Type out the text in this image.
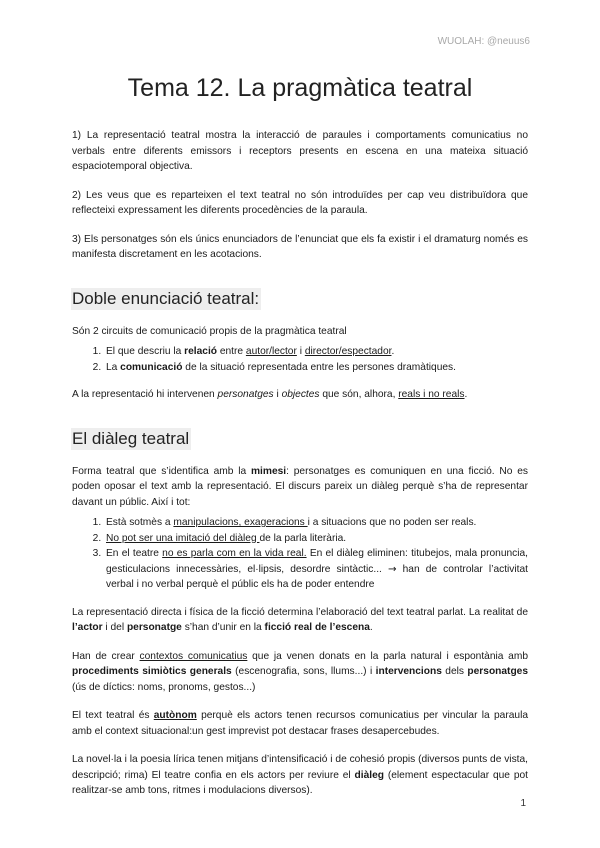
WUOLAH: @neuus6
Tema 12. La pragmàtica teatral

1) La representació teatral mostra la interacció de paraules i comportaments comunicatius no verbals entre diferents emissors i receptors presents en escena en una mateixa situació espaciotemporal objectiva.

2) Les veus que es reparteixen el text teatral no són introduïdes per cap veu distribuïdora que reflecteixi expressament les diferents procedències de la paraula.

3) Els personatges són els únics enunciadors de l’enunciat que els fa existir i el dramaturg només es manifesta discretament en les acotacions.

Doble enunciació teatral:

Són 2 circuits de comunicació propis de la pragmàtica teatral

1. El que descriu la relació entre autor/lector i director/espectador.
2. La comunicació de la situació representada entre les persones dramàtiques.

A la representació hi intervenen personatges i objectes que són, alhora, reals i no reals.

El diàleg teatral

Forma teatral que s’identifica amb la mimesi: personatges es comuniquen en una ficció. No es poden oposar el text amb la representació. El discurs pareix un diàleg perquè s’ha de representar davant un públic. Així i tot:

1. Està sotmès a manipulacions, exageracions i a situacions que no poden ser reals.
2. No pot ser una imitació del diàleg de la parla literària.
3. En el teatre no es parla com en la vida real. En el diàleg eliminen: titubejos, mala pronuncia, gesticulacions innecessàries, el·lipsis, desordre sintàctic... → han de controlar l’activitat verbal i no verbal perquè el públic els ha de poder entendre

La representació directa i física de la ficció determina l’elaboració del text teatral parlat. La realitat de l’actor i del personatge s’han d’unir en la ficció real de l’escena.

Han de crear contextos comunicatius que ja venen donats en la parla natural i espontània amb procediments simiòtics generals (escenografia, sons, llums...) i intervencions dels personatges (ús de díctics: noms, pronoms, gestos...)

El text teatral és autònom perquè els actors tenen recursos comunicatius per vincular la paraula amb el context situacional:un gest imprevist pot destacar frases desapercebudes.

La novel·la i la poesia lírica tenen mitjans d’intensificació i de cohesió propis (diversos punts de vista, descripció; rima) El teatre confia en els actors per reviure el diàleg (element espectacular que pot realitzar-se amb tons, ritmes i modulacions diversos).

1
